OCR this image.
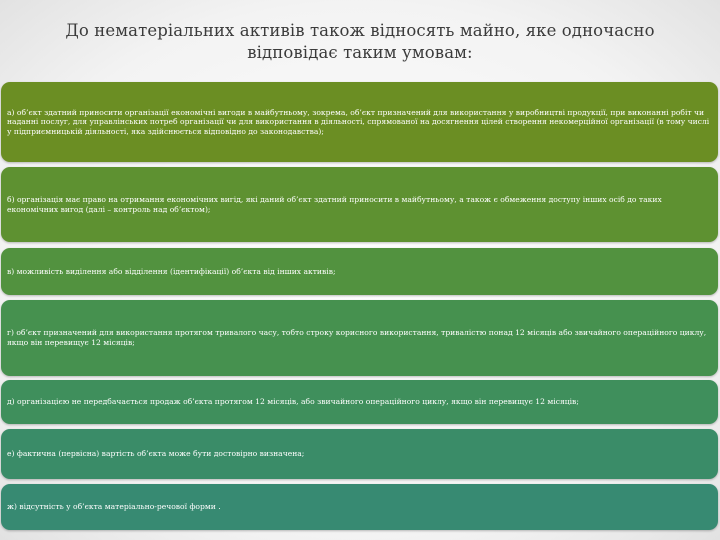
До нематеріальних активів також відносять майно, яке одночасно
відповідає таким умовам:
а) об’єкт здатний приносити організації економічні вигоди в майбутньому, зокрема, об’єкт призначений для використання у виробництві продукції, при виконанні робіт чи наданні послуг, для управлінських потреб організації чи для використання в діяльності, спрямованої на досягнення цілей створення некомерційної організації (в тому числі у підприємницькій діяльності, яка здійснюється відповідно до законодавства);
б) організація має право на отримання економічних вигід, які даний об’єкт здатний приносити в майбутньому, а також є обмеження доступу інших осіб до таких економічних вигод (далі – контроль над об’єктом);
в) можливість виділення або відділення (ідентифікації) об’єкта від інших активів;
г) об’єкт призначений для використання протягом тривалого часу, тобто строку корисного використання, тривалістю понад 12 місяців або звичайного операційного циклу, якщо він перевищує 12 місяців;
д) організацією не передбачається продаж об’єкта протягом 12 місяців, або звичайного операційного циклу, якщо він перевищує 12 місяців;
е) фактична (первісна) вартість об’єкта може бути достовірно визначена;
ж) відсутність у об’єкта матеріально-речової форми .
